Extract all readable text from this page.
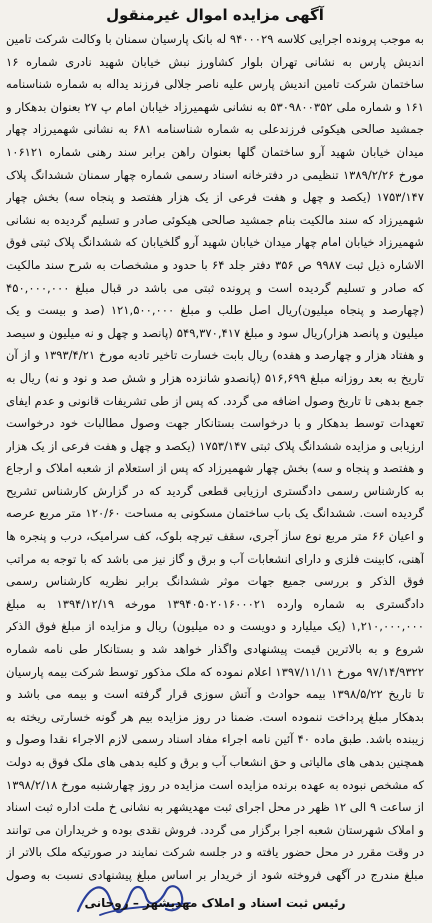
آگهی مزایده اموال غیرمنقول

به موجب پرونده اجرایی کلاسه ۹۴۰۰۰۲۹ له بانک پارسیان سمنان با وکالت شرکت تامین اندیش پارس به نشانی تهران بلوار کشاورز نبش خیابان شهید نادری شماره ۱۶ ساختمان شرکت تامین اندیش پارس علیه ناصر جلالی فرزند یداله به شماره شناسنامه ۱۶۱ و شماره ملی ۵۳۰۹۸۰۰۳۵۲ به نشانی شهمیرزاد خیابان امام پ ۲۷ بعنوان بدهکار و جمشید صالحی هیکوئی فرزندعلی به شماره شناسنامه ۶۸۱ به نشانی شهمیرزاد چهار میدان خیابان شهید آرو ساختمان گلها بعنوان راهن برابر سند رهنی شماره ۱۰۶۱۲۱ مورخ ۱۳۸۹/۲/۲۶ تنظیمی در دفترخانه اسناد رسمی شماره چهار سمنان ششدانگ پلاک ۱۷۵۳/۱۴۷ (یکصد و چهل و هفت فرعی از یک هزار هفتصد و پنجاه سه) بخش چهار شهمیرزاد که سند مالکیت بنام جمشید صالحی هیکوئی صادر و تسلیم گردیده به نشانی شهمیرزاد خیابان امام چهار میدان خیابان شهید آرو گلخیابان که ششدانگ پلاک ثبتی فوق الاشاره ذیل ثبت ۹۹۸۷ ص ۳۵۶ دفتر جلد ۶۴ با حدود و مشخصات به شرح سند مالکیت که صادر و تسلیم گردیده است و پرونده ثبتی می باشد در قبال مبلغ ۴۵۰,۰۰۰,۰۰۰ (چهارصد و پنجاه میلیون)ریال اصل طلب و مبلغ ۱۲۱,۵۰۰,۰۰۰ (صد و بیست و یک میلیون و پانصد هزار)ریال سود و مبلغ ۵۴۹,۳۷۰,۴۱۷ (پانصد و چهل و نه میلیون و سیصد و هفتاد هزار و چهارصد و هفده) ریال بابت خسارت تاخیر تادیه مورخ ۱۳۹۳/۴/۲۱ و از آن تاریخ به بعد روزانه مبلغ ۵۱۶,۶۹۹ (پانصدو شانزده هزار و شش صد و نود و نه) ریال به جمع بدهی تا تاریخ وصول اضافه می گردد. که پس از طی تشریفات قانونی و عدم ایفای تعهدات توسط بدهکار و با درخواست بستانکار جهت وصول مطالبات خود درخواست ارزیابی و مزایده ششدانگ پلاک ثبتی ۱۷۵۳/۱۴۷ (یکصد و چهل و هفت فرعی از یک هزار و هفتصد و پنجاه و سه) بخش چهار شهمیرزاد که پس از استعلام از شعبه املاک و ارجاع به کارشناس رسمی دادگستری ارزیابی قطعی گردید که در گزارش کارشناس تشریح گردیده است. ششدانگ یک باب ساختمان مسکونی به مساحت ۱۲۰/۶۰ متر مربع عرصه و اعیان ۶۶ متر مربع نوع ساز آجری، سقف تیرچه بلوک، کف سرامیک، درب و پنجره ها آهنی، کابینت فلزی و دارای انشعابات آب و برق و گاز نیز می باشد که با توجه به مراتب فوق الذکر و بررسی جمیع جهات موثر ششدانگ برابر نظریه کارشناس رسمی دادگستری به شماره وارده ۱۳۹۴۰۵۰۲۰۱۶۰۰۰۲۱ مورخه ۱۳۹۴/۱۲/۱۹ به مبلغ ۱,۲۱۰,۰۰۰,۰۰۰ (یک میلیارد و دویست و ده میلیون) ریال و مزایده از مبلغ فوق الذکر شروع و به بالاترین قیمت پیشنهادی واگذار خواهد شد و بستانکار طی نامه شماره ۹۷/۱۴/۹۳۲۲ مورخ ۱۳۹۷/۱۱/۱۱ اعلام نموده که ملک مذکور توسط شرکت بیمه پارسیان تا تاریخ ۱۳۹۸/۵/۲۲ بیمه حوادث و آتش سوزی قرار گرفته است و بیمه می باشد و بدهکار مبلغ پرداخت ننموده است. ضمنا در روز مزایده بیم هر گونه خسارتی ریخته به زیبنده باشد. طبق ماده ۴۰ آئین نامه اجراء مفاد اسناد رسمی لازم الاجراء نقدا وصول و همچنین بدهی های مالیاتی و حق انشعاب آب و برق و کلیه بدهی های ملک فوق به دولت که مشخص نبوده به عهده برنده مزایده است مزایده در روز چهارشنبه مورخ ۱۳۹۸/۲/۱۸ از ساعت ۹ الی ۱۲ ظهر در محل اجرای ثبت مهدیشهر به نشانی خ ملت اداره ثبت اسناد و املاک شهرستان شعبه اجرا برگزار می گردد. فروش نقدی بوده و خریداران می توانند در وقت مقرر در محل حضور یافته و در جلسه شرکت نمایند در صورتیکه ملک بالاتر از مبلغ مندرج در آگهی فروخته شود از خریدار بر اساس مبلغ پیشنهادی نسبت به وصول

رئیس ثبت اسناد و املاک مهدیشهر – روحانی
